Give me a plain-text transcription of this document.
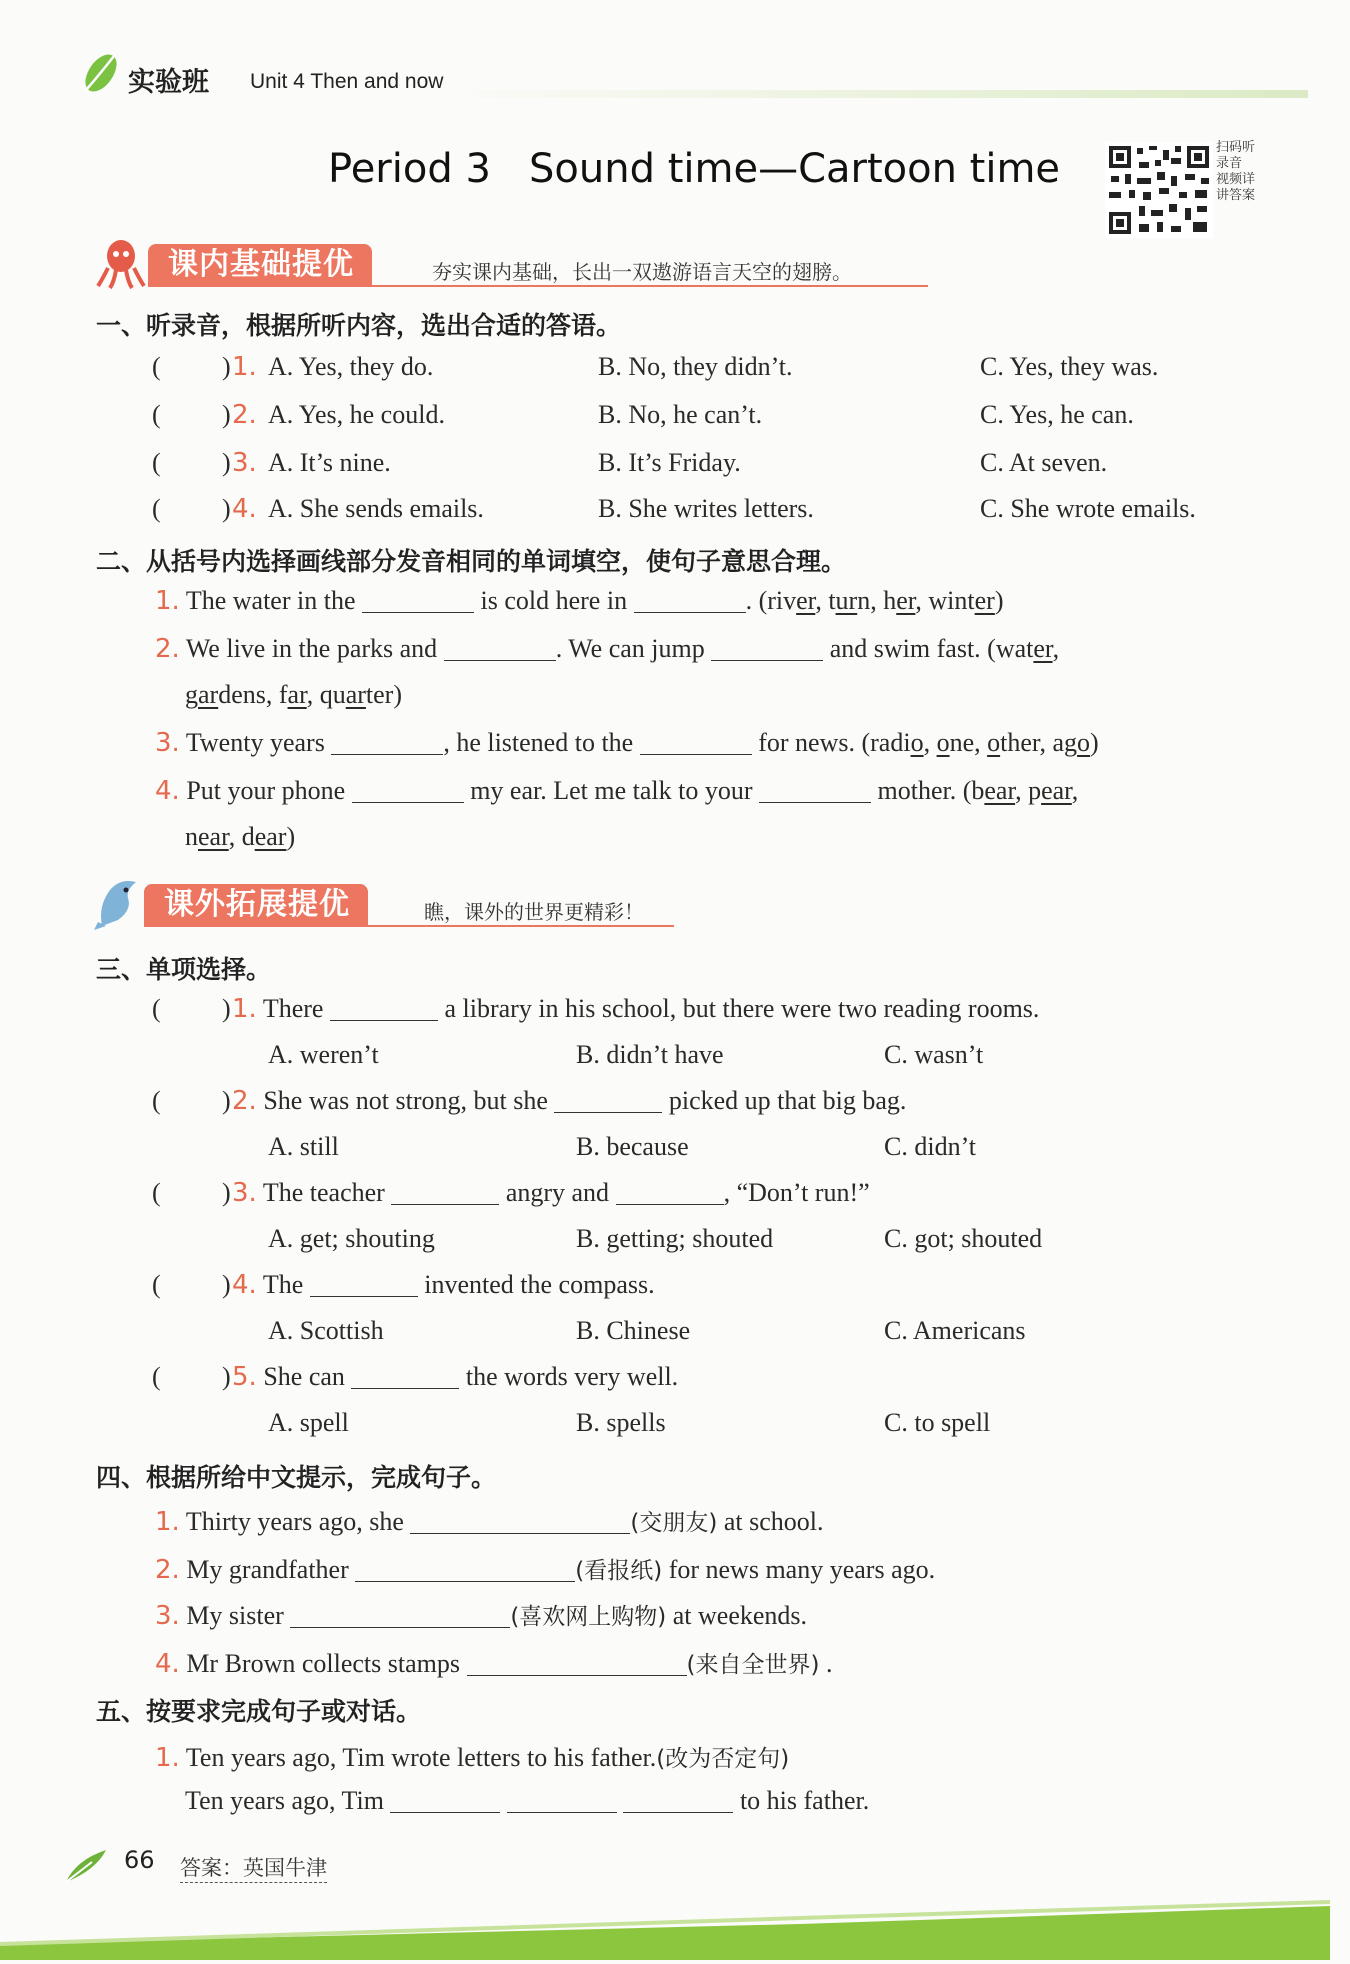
实验班 Unit 4 Then and now
Period 3   Sound time—Cartoon time	扫码听录音 视频详讲答案
课内基础提优	夯实课内基础，长出一双遨游语言天空的翅膀。
一、听录音，根据所听内容，选出合适的答语。
( ) 1. A. Yes, they do.	B. No, they didn’t.	C. Yes, they was.
( ) 2. A. Yes, he could.	B. No, he can’t.	C. Yes, he can.
( ) 3. A. It’s nine.	B. It’s Friday.	C. At seven.
( ) 4. A. She sends emails.	B. She writes letters.	C. She wrote emails.
二、从括号内选择画线部分发音相同的单词填空，使句子意思合理。
1. The water in the	is cold here in	. (river, turn, her, winter)
2. We live in the parks and	. We can jump	and swim fast. (water,
gardens, far, quarter)
3. Twenty years	, he listened to the	for news. (radio, one, other, ago)
4. Put your phone	my ear. Let me talk to your	mother. (bear, pear,
near, dear)
课外拓展提优	瞧，课外的世界更精彩！
三、单项选择。
( ) 1. There	a library in his school, but there were two reading rooms.
A. weren’t	B. didn’t have	C. wasn’t
( ) 2. She was not strong, but she	picked up that big bag.
A. still	B. because	C. didn’t
( ) 3. The teacher	angry and	, “Don’t run!”
A. get; shouting	B. getting; shouted	C. got; shouted
( ) 4. The	invented the compass.
A. Scottish	B. Chinese	C. Americans
( ) 5. She can	the words very well.
A. spell	B. spells	C. to spell
四、根据所给中文提示，完成句子。
1. Thirty years ago, she	(交朋友) at school.
2. My grandfather	(看报纸) for news many years ago.
3. My sister	(喜欢网上购物) at weekends.
4. Mr Brown collects stamps	(来自全世界) .
五、按要求完成句子或对话。
1. Ten years ago, Tim wrote letters to his father.(改为否定句)
Ten years ago, Tim	to his father.
66 答案：英国牛津
